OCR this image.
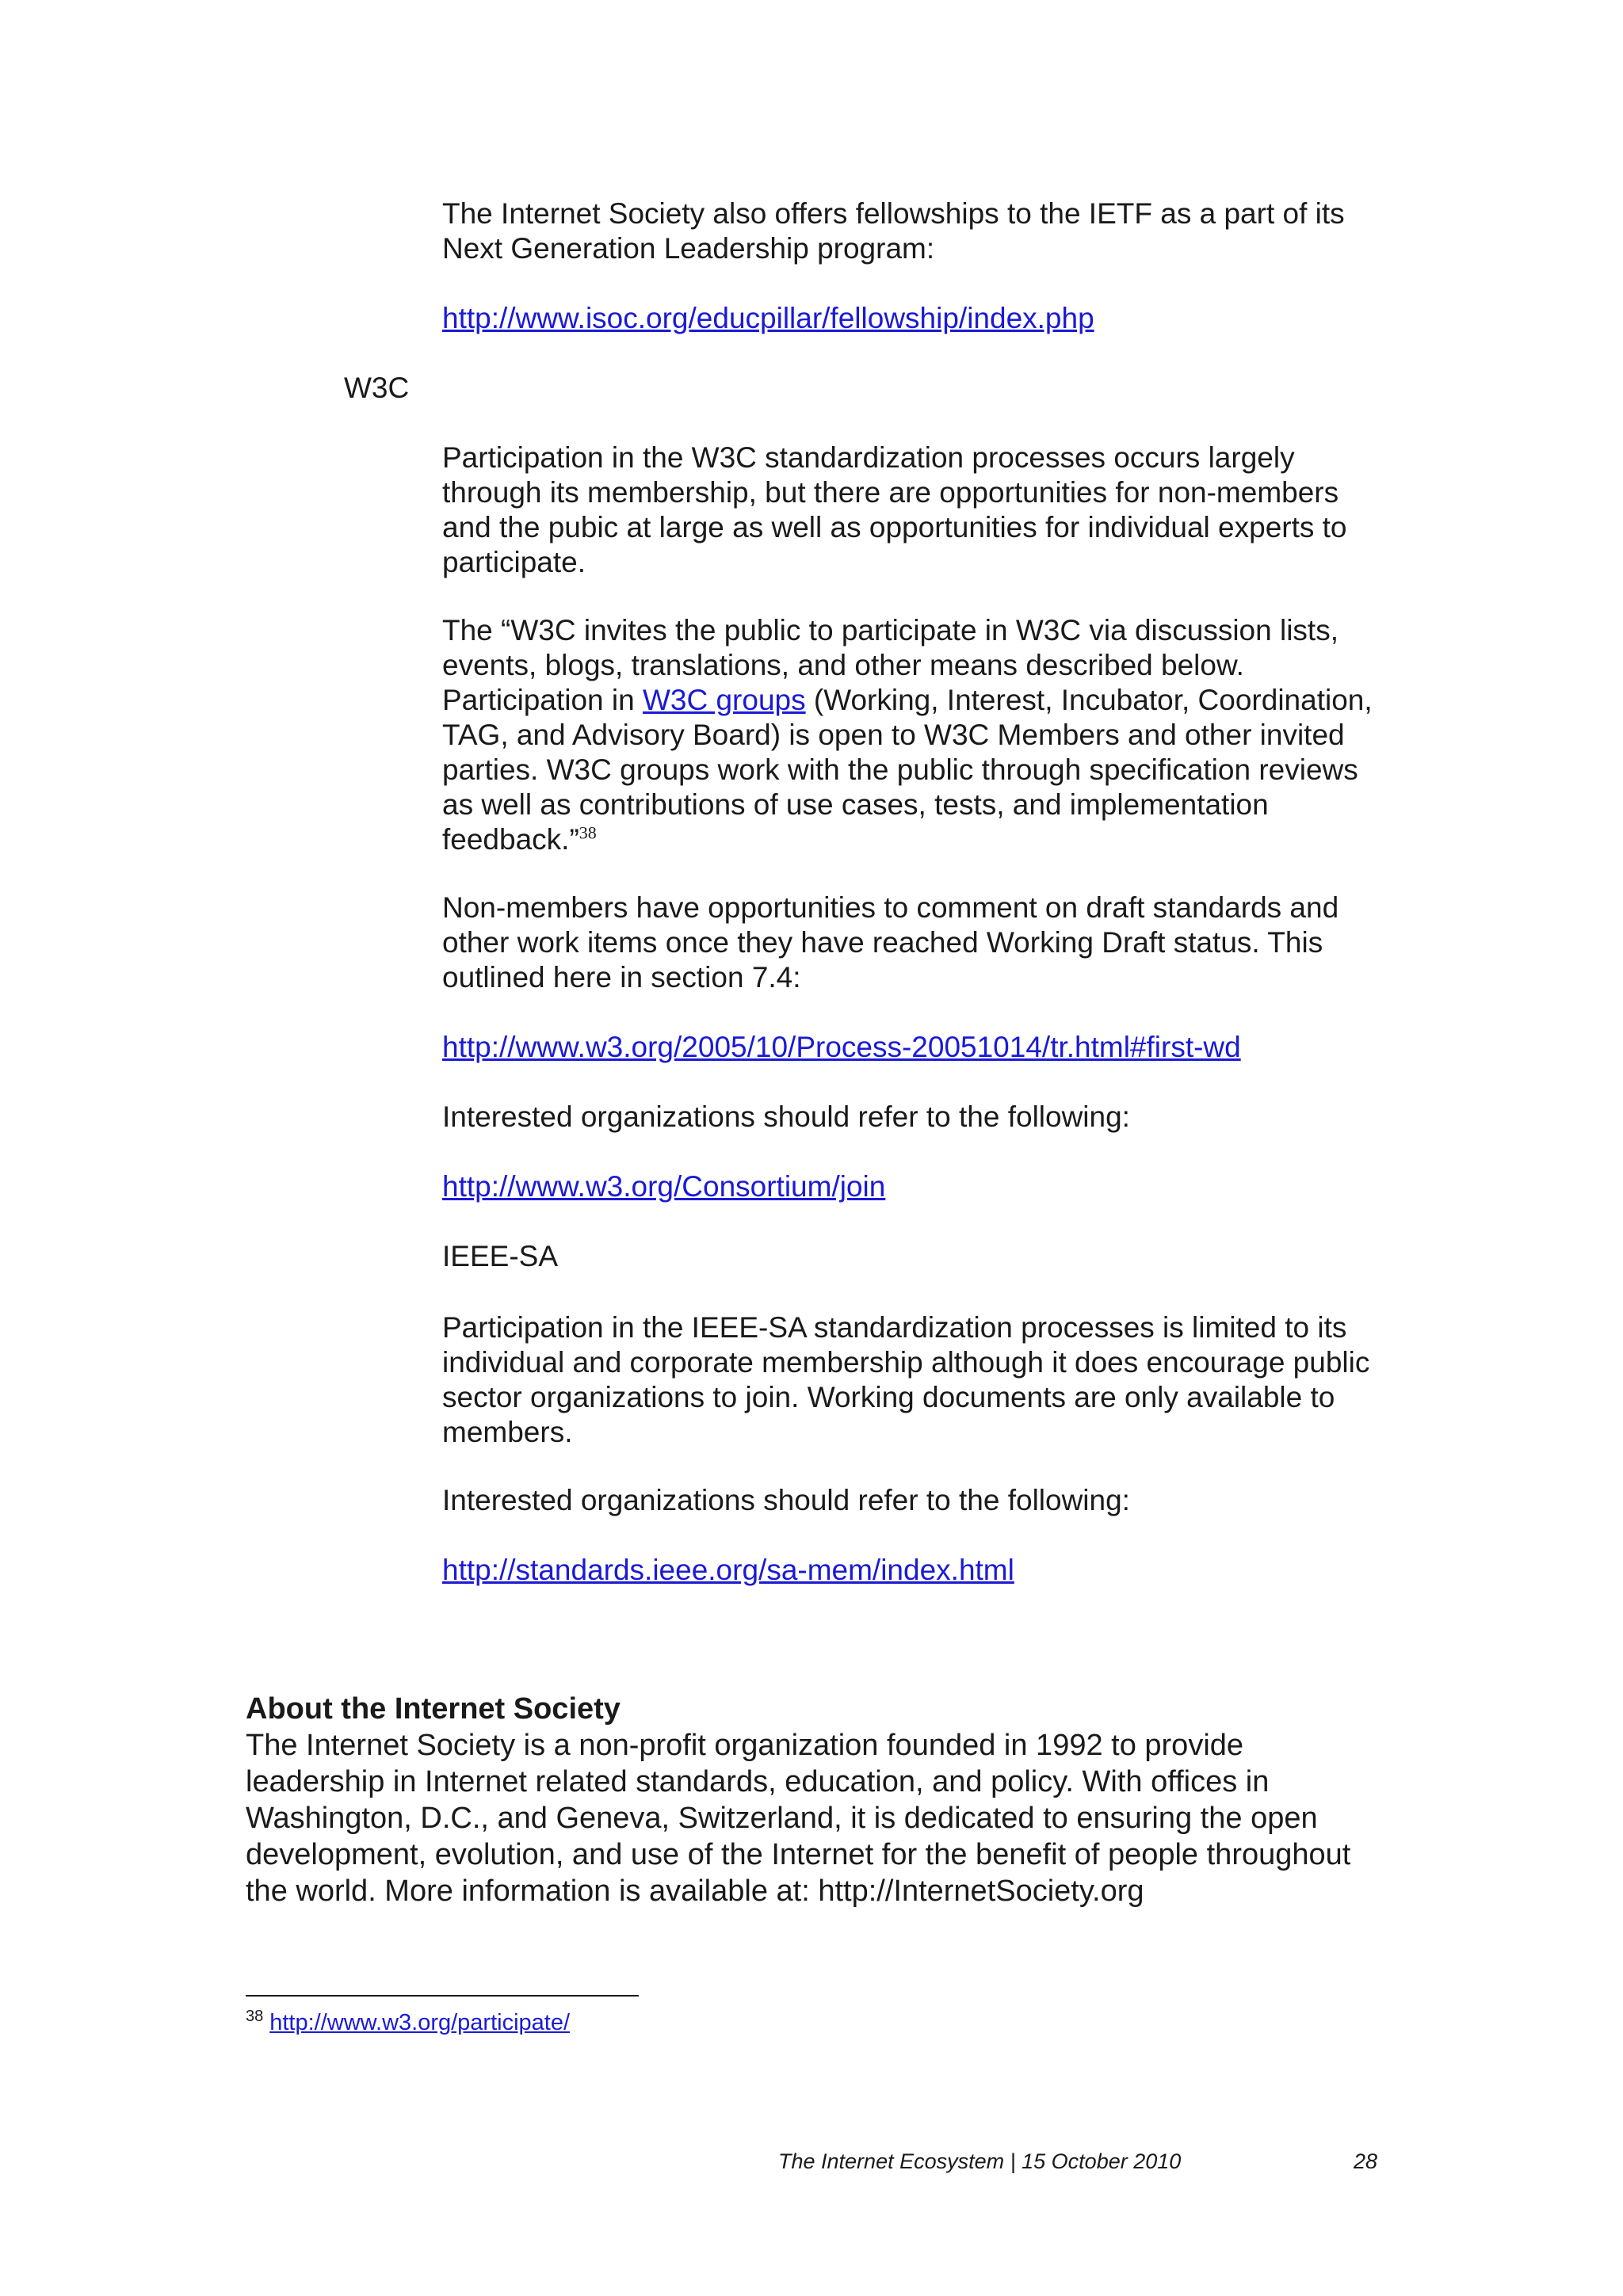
The Internet Society also offers fellowships to the IETF as a part of its Next Generation Leadership program:

http://www.isoc.org/educpillar/fellowship/index.php
W3C

Participation in the W3C standardization processes occurs largely through its membership, but there are opportunities for non-members and the pubic at large as well as opportunities for individual experts to participate.

The “W3C invites the public to participate in W3C via discussion lists, events, blogs, translations, and other means described below. Participation in W3C groups (Working, Interest, Incubator, Coordination, TAG, and Advisory Board) is open to W3C Members and other invited parties. W3C groups work with the public through specification reviews as well as contributions of use cases, tests, and implementation feedback.”$^{38}$

Non-members have opportunities to comment on draft standards and other work items once they have reached Working Draft status. This outlined here in section 7.4:

http://www.w3.org/2005/10/Process-20051014/tr.html#first-wd

Interested organizations should refer to the following:

http://www.w3.org/Consortium/join

IEEE-SA

Participation in the IEEE-SA standardization processes is limited to its individual and corporate membership although it does encourage public sector organizations to join. Working documents are only available to members.

Interested organizations should refer to the following:

http://standards.ieee.org/sa-mem/index.html
About the Internet Society
The Internet Society is a non-profit organization founded in 1992 to provide leadership in Internet related standards, education, and policy. With offices in Washington, D.C., and Geneva, Switzerland, it is dedicated to ensuring the open development, evolution, and use of the Internet for the benefit of people throughout the world. More information is available at: http://InternetSociety.org
$^{38}$ http://www.w3.org/participate/
The Internet Ecosystem | 15 October 2010	28
